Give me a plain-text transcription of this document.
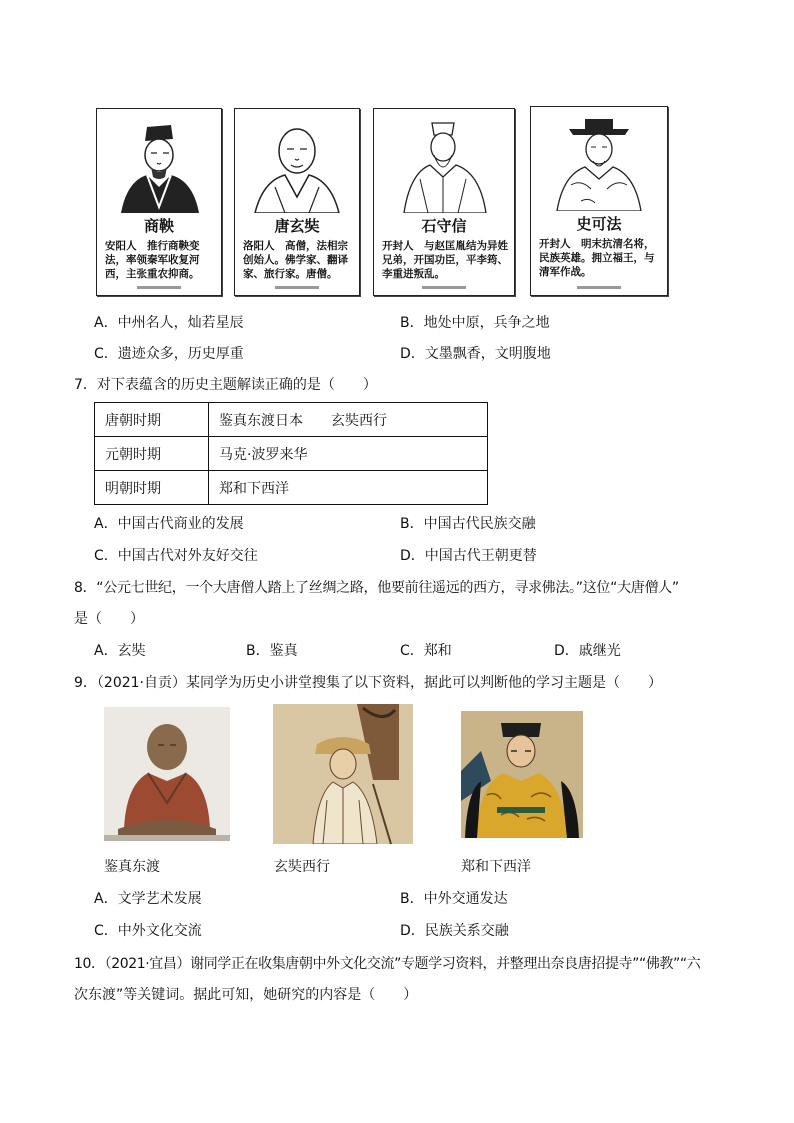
商鞅
安阳人　推行商鞅变法，率领秦军收复河西，主张重农抑商。
唐玄奘
洛阳人　高僧，法相宗创始人。佛学家、翻译家、旅行家。唐僧。
石守信
开封人　与赵匡胤结为异姓兄弟，开国功臣，平李筠、李重进叛乱。
史可法
开封人　明末抗清名将，民族英雄。拥立福王，与清军作战。
A．中州名人，灿若星辰	B．地处中原，兵争之地
C．遗迹众多，历史厚重	D．文墨飘香，文明腹地
7．对下表蕴含的历史主题解读正确的是（　　）
唐朝时期	鉴真东渡日本　　玄奘西行
元朝时期	马克·波罗来华
明朝时期	郑和下西洋
A．中国古代商业的发展	B．中国古代民族交融
C．中国古代对外友好交往	D．中国古代王朝更替
8．“公元七世纪，一个大唐僧人踏上了丝绸之路，他要前往遥远的西方，寻求佛法。”这位“大唐僧人”
是（　　）
A．玄奘	B．鉴真	C．郑和	D．戚继光
9．（2021·自贡）某同学为历史小讲堂搜集了以下资料，据此可以判断他的学习主题是（　　）
鉴真东渡	玄奘西行	郑和下西洋
A．文学艺术发展	B．中外交通发达
C．中外文化交流	D．民族关系交融
10．（2021·宜昌）谢同学正在收集唐朝中外文化交流”专题学习资料，并整理出奈良唐招提寺”“佛教”“六
次东渡”等关键词。据此可知，她研究的内容是（　　）
